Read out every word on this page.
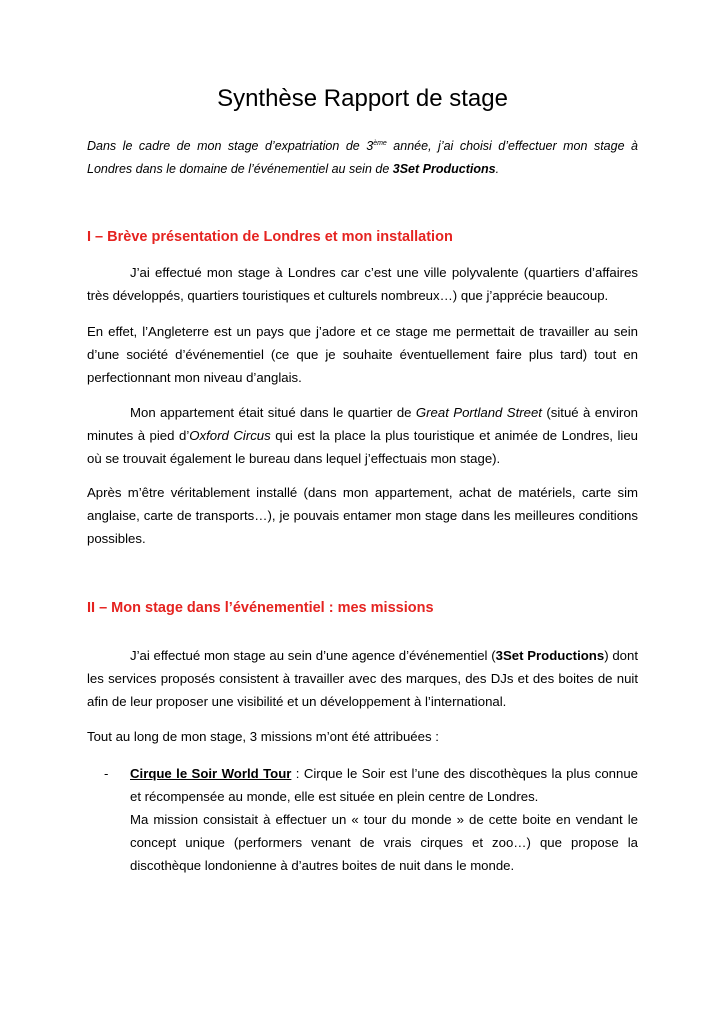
Synthèse Rapport de stage

Dans le cadre de mon stage d’expatriation de 3ème année, j’ai choisi d’effectuer mon stage à Londres dans le domaine de l’événementiel au sein de 3Set Productions.

I – Brève présentation de Londres et mon installation

J’ai effectué mon stage à Londres car c’est une ville polyvalente (quartiers d’affaires très développés, quartiers touristiques et culturels nombreux…) que j’apprécie beaucoup.

En effet, l’Angleterre est un pays que j’adore et ce stage me permettait de travailler au sein d’une société d’événementiel (ce que je souhaite éventuellement faire plus tard) tout en perfectionnant mon niveau d’anglais.

Mon appartement était situé dans le quartier de Great Portland Street (situé à environ minutes à pied d’Oxford Circus qui est la place la plus touristique et animée de Londres, lieu où se trouvait également le bureau dans lequel j’effectuais mon stage).

Après m’être véritablement installé (dans mon appartement, achat de matériels, carte sim anglaise, carte de transports…), je pouvais entamer mon stage dans les meilleures conditions possibles.

II – Mon stage dans l’événementiel : mes missions

J’ai effectué mon stage au sein d’une agence d’événementiel (3Set Productions) dont les services proposés consistent à travailler avec des marques, des DJs et des boites de nuit afin de leur proposer une visibilité et un développement à l’international.

Tout au long de mon stage, 3 missions m’ont été attribuées :

- Cirque le Soir World Tour : Cirque le Soir est l’une des discothèques la plus connue et récompensée au monde, elle est située en plein centre de Londres.
Ma mission consistait à effectuer un « tour du monde » de cette boite en vendant le concept unique (performers venant de vrais cirques et zoo…) que propose la discothèque londonienne à d’autres boites de nuit dans le monde.
